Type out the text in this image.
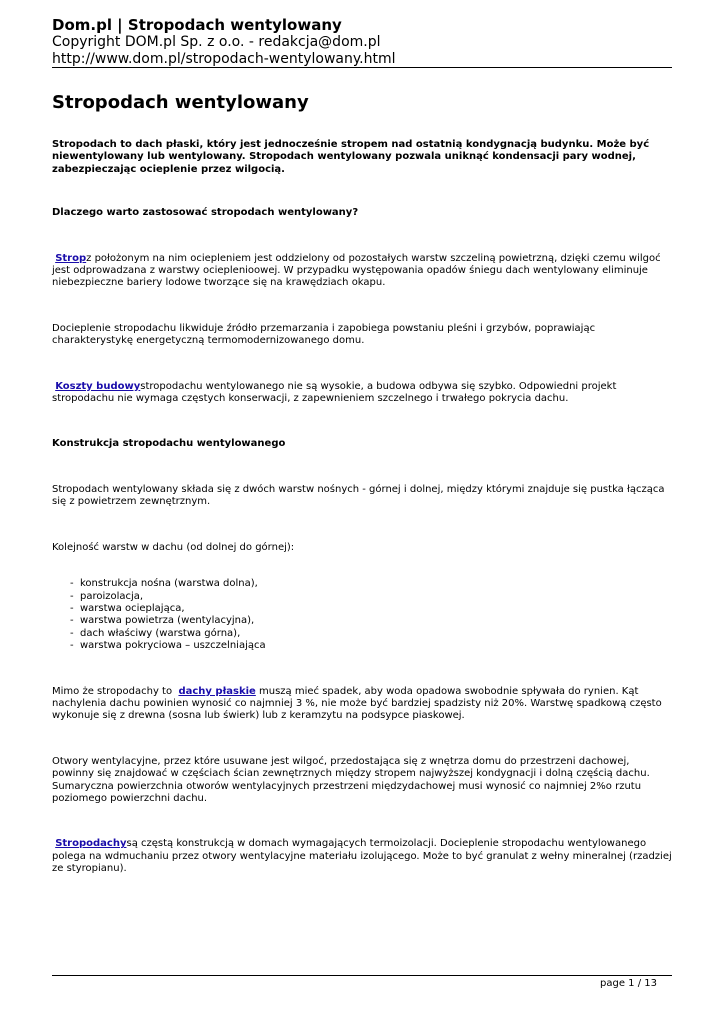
Dom.pl | Stropodach wentylowany
Copyright DOM.pl Sp. z o.o. - redakcja@dom.pl
http://www.dom.pl/stropodach-wentylowany.html
Stropodach wentylowany

Stropodach to dach płaski, który jest jednocześnie stropem nad ostatnią kondygnacją budynku. Może być niewentylowany lub wentylowany. Stropodach wentylowany pozwala uniknąć kondensacji pary wodnej, zabezpieczając ocieplenie przez wilgocią.

Dlaczego warto zastosować stropodach wentylowany?

Stropz położonym na nim ociepleniem jest oddzielony od pozostałych warstw szczeliną powietrzną, dzięki czemu wilgoć jest odprowadzana z warstwy ocieplenioowej. W przypadku występowania opadów śniegu dach wentylowany eliminuje niebezpieczne bariery lodowe tworzące się na krawędziach okapu.

Docieplenie stropodachu likwiduje źródło przemarzania i zapobiega powstaniu pleśni i grzybów, poprawiając charakterystykę energetyczną termomodernizowanego domu.

Koszty budowystropodachu wentylowanego nie są wysokie, a budowa odbywa się szybko. Odpowiedni projekt stropodachu nie wymaga częstych konserwacji, z zapewnieniem szczelnego i trwałego pokrycia dachu.

Konstrukcja stropodachu wentylowanego

Stropodach wentylowany składa się z dwóch warstw nośnych - górnej i dolnej, między którymi znajduje się pustka łącząca się z powietrzem zewnętrznym.

Kolejność warstw w dachu (od dolnej do górnej):

- konstrukcja nośna (warstwa dolna),
- paroizolacja,
- warstwa ocieplająca,
- warstwa powietrza (wentylacyjna),
- dach właściwy (warstwa górna),
- warstwa pokryciowa – uszczelniająca

Mimo że stropodachy to  dachy płaskie muszą mieć spadek, aby woda opadowa swobodnie spływała do rynien. Kąt nachylenia dachu powinien wynosić co najmniej 3 %, nie może być bardziej spadzisty niż 20%. Warstwę spadkową często wykonuje się z drewna (sosna lub świerk) lub z keramzytu na podsypce piaskowej.

Otwory wentylacyjne, przez które usuwane jest wilgoć, przedostająca się z wnętrza domu do przestrzeni dachowej, powinny się znajdować w częściach ścian zewnętrznych między stropem najwyższej kondygnacji i dolną częścią dachu. Sumaryczna powierzchnia otworów wentylacyjnych przestrzeni międzydachowej musi wynosić co najmniej 2%o rzutu poziomego powierzchni dachu.

Stropodachysą częstą konstrukcją w domach wymagających termoizolacji. Docieplenie stropodachu wentylowanego polega na wdmuchaniu przez otwory wentylacyjne materiału izolującego. Może to być granulat z wełny mineralnej (rzadziej ze styropianu).

page 1 / 13
